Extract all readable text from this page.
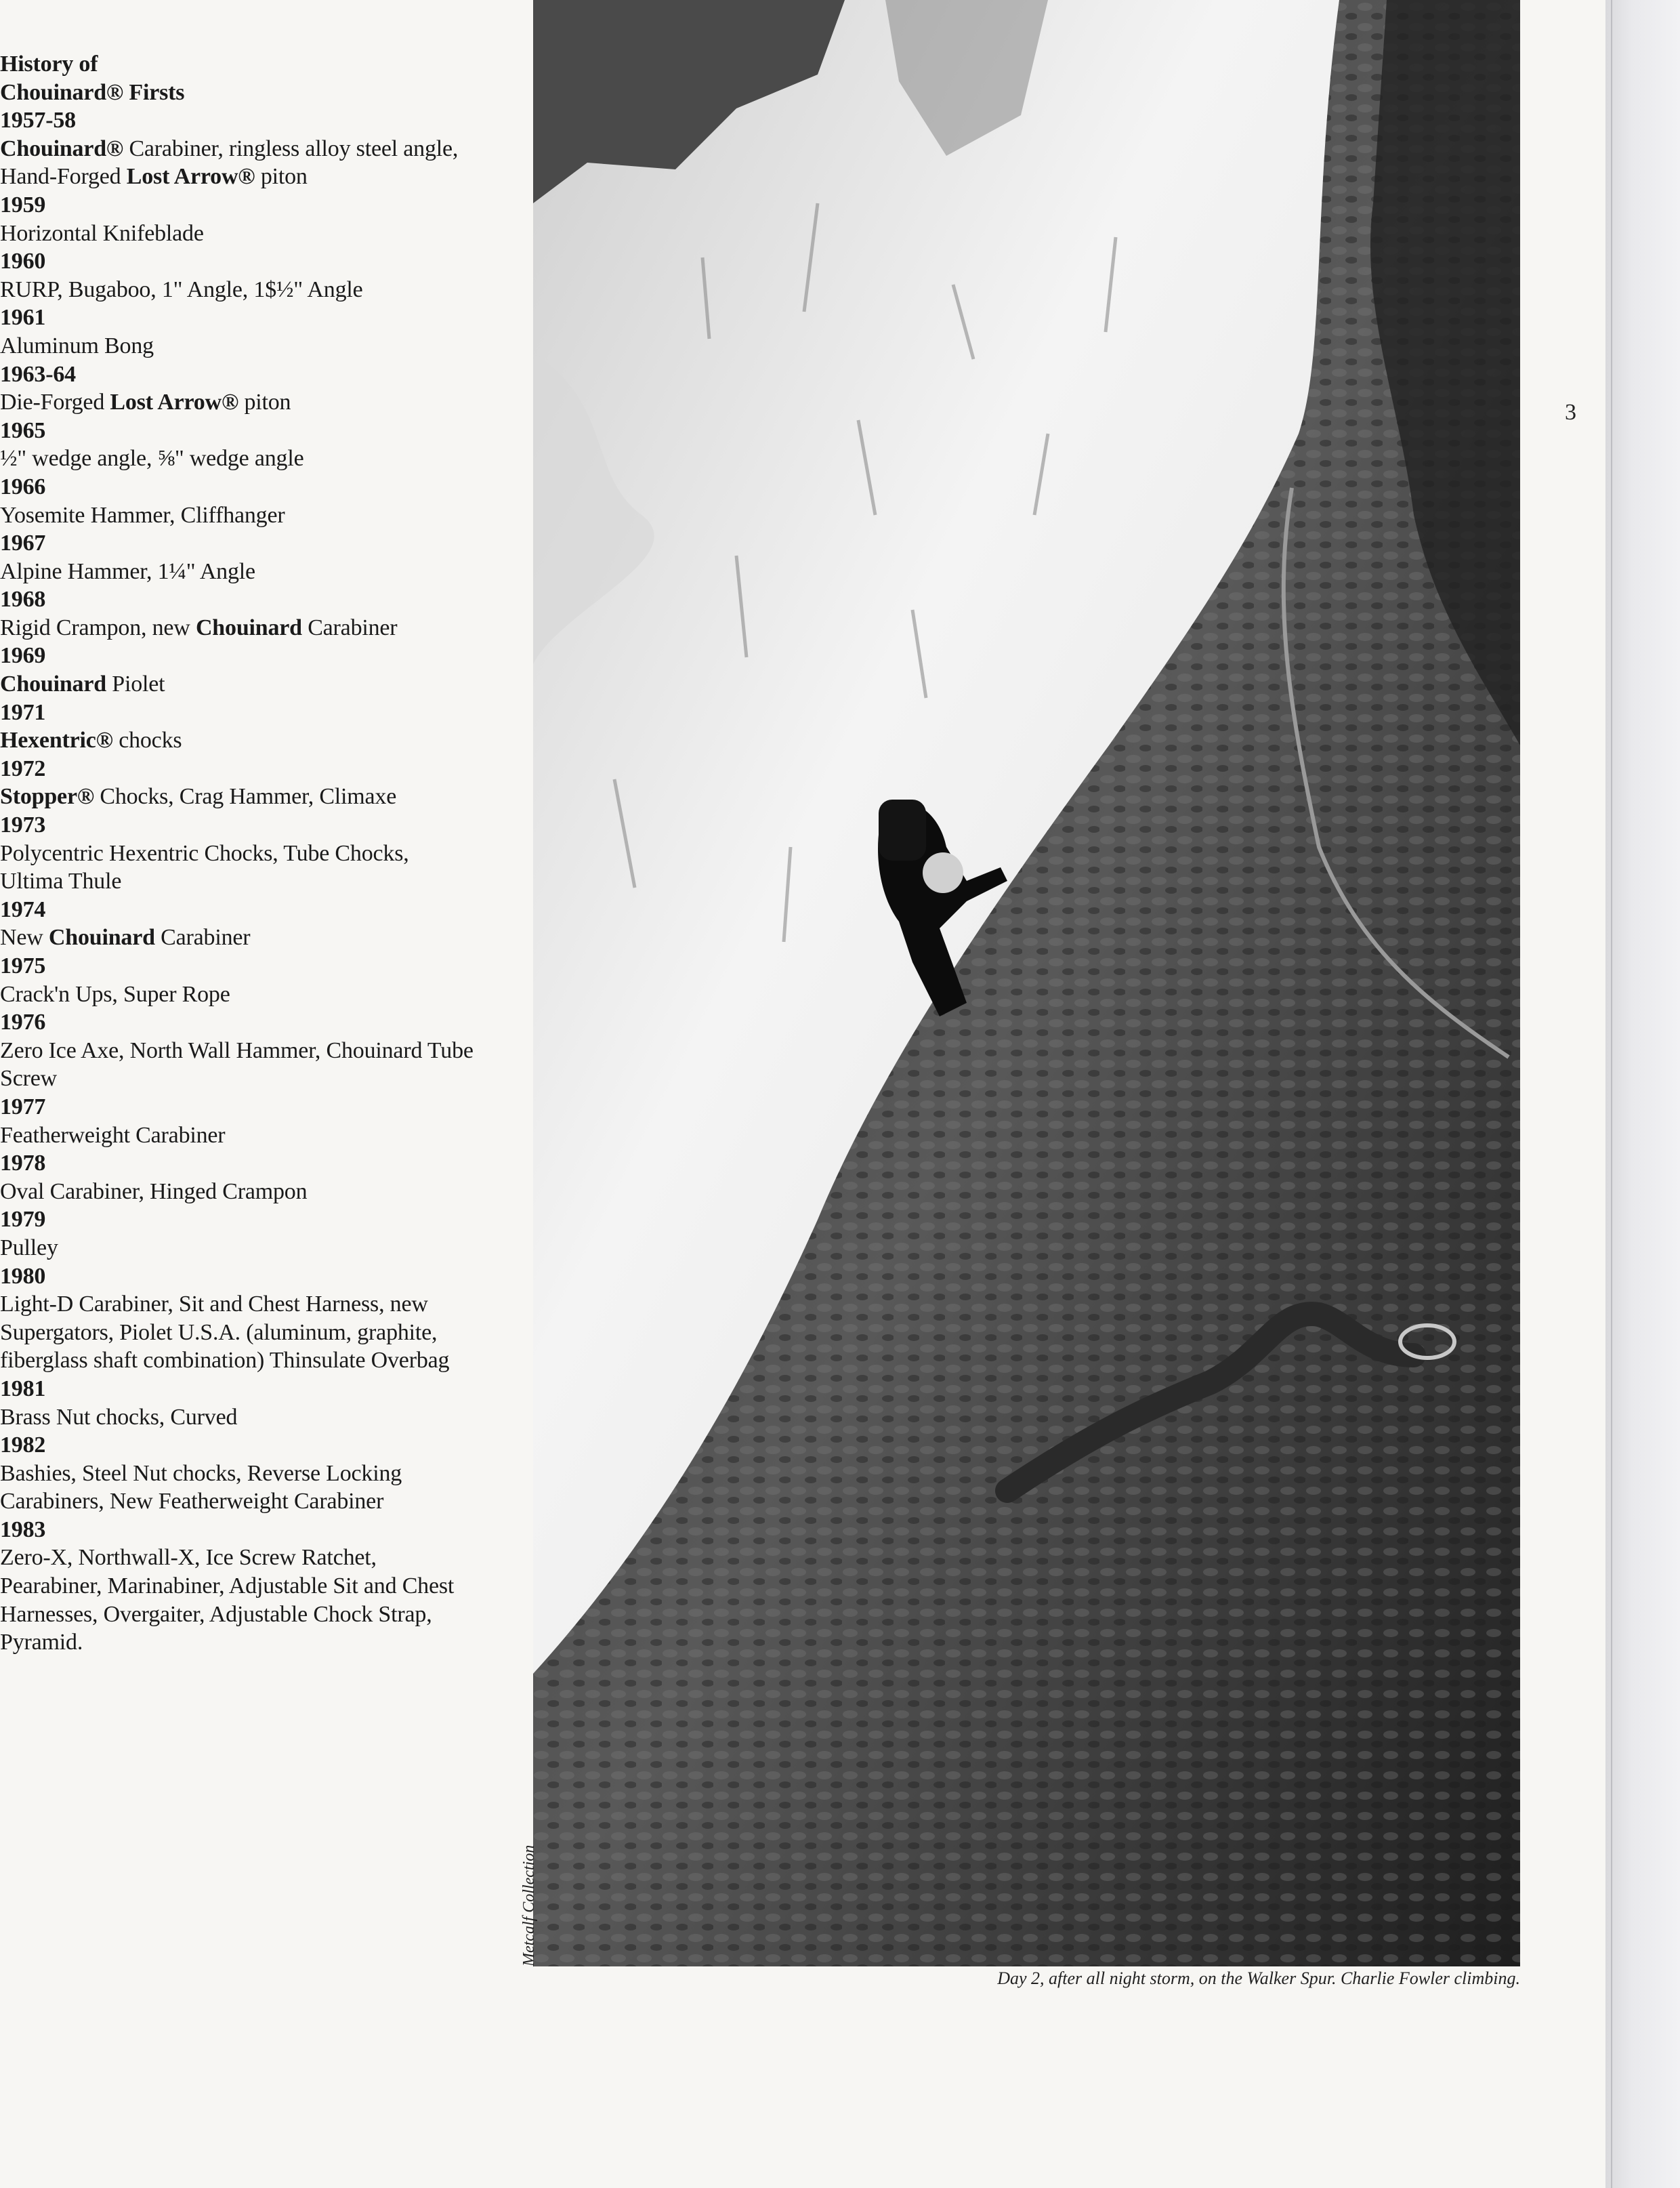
History of
Chouinard® Firsts
1957-58
Chouinard® Carabiner, ringless alloy steel angle, Hand-Forged Lost Arrow® piton
1959
Horizontal Knifeblade
1960
RURP, Bugaboo, 1" Angle, 1$½" Angle
1961
Aluminum Bong
1963-64
Die-Forged Lost Arrow® piton
1965
½" wedge angle, ⅝" wedge angle
1966
Yosemite Hammer, Cliffhanger
1967
Alpine Hammer, 1¼" Angle
1968
Rigid Crampon, new Chouinard Carabiner
1969
Chouinard Piolet
1971
Hexentric® chocks
1972
Stopper® Chocks, Crag Hammer, Climaxe
1973
Polycentric Hexentric Chocks, Tube Chocks, Ultima Thule
1974
New Chouinard Carabiner
1975
Crack'n Ups, Super Rope
1976
Zero Ice Axe, North Wall Hammer, Chouinard Tube Screw
1977
Featherweight Carabiner
1978
Oval Carabiner, Hinged Crampon
1979
Pulley
1980
Light-D Carabiner, Sit and Chest Harness, new Supergators, Piolet U.S.A. (aluminum, graphite, fiberglass shaft combination) Thinsulate Overbag
1981
Brass Nut chocks, Curved
1982
Bashies, Steel Nut chocks, Reverse Locking Carabiners, New Featherweight Carabiner
1983
Zero-X, Northwall-X, Ice Screw Ratchet, Pearabiner, Marinabiner, Adjustable Sit and Chest Harnesses, Overgaiter, Adjustable Chock Strap, Pyramid.
Metcalf Collection
Day 2, after all night storm, on the Walker Spur. Charlie Fowler climbing.
3
